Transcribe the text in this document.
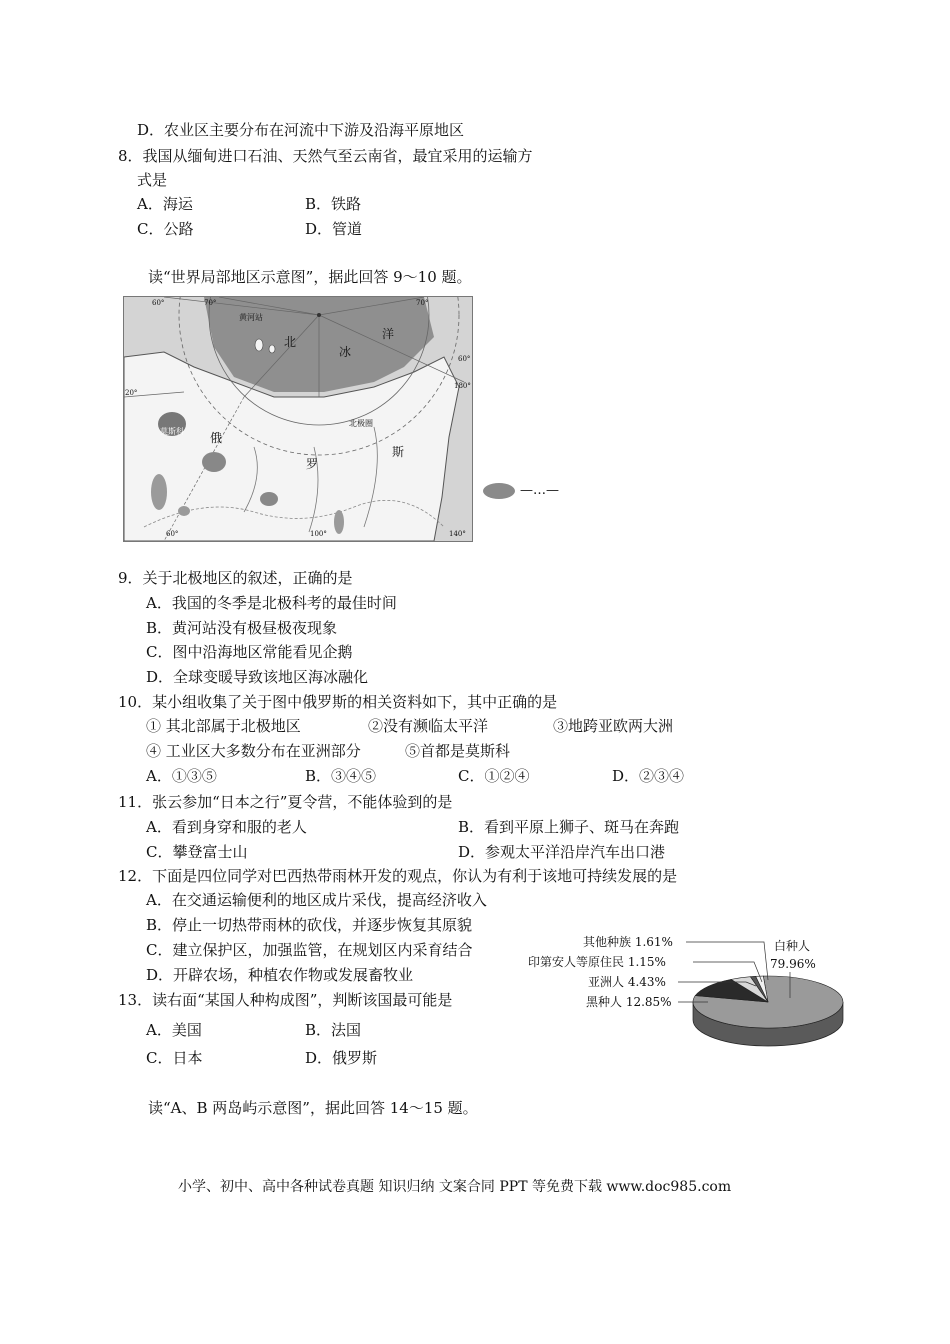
D．农业区主要分布在河流中下游及沿海平原地区
8．我国从缅甸进口石油、天然气至云南省，最宜采用的运输方
式是
A．海运	B．铁路
C．公路	D．管道
读“世界局部地区示意图”，据此回答 9～10 题。
黄河站
北
冰
洋
莫斯科 俄
罗
斯
北极圈
60°	70°	70°
60°
180°
20°
60°	100°	140°
—…—
9．关于北极地区的叙述，正确的是
A．我国的冬季是北极科考的最佳时间
B．黄河站没有极昼极夜现象
C．图中沿海地区常能看见企鹅
D．全球变暖导致该地区海冰融化
10．某小组收集了关于图中俄罗斯的相关资料如下，其中正确的是
① 其北部属于北极地区	②没有濒临太平洋	③地跨亚欧两大洲
④ 工业区大多数分布在亚洲部分	⑤首都是莫斯科
A．①③⑤	B．③④⑤	C．①②④	D．②③④
11．张云参加“日本之行”夏令营，不能体验到的是
A．看到身穿和服的老人	B．看到平原上狮子、斑马在奔跑
C．攀登富士山	D．参观太平洋沿岸汽车出口港
12．下面是四位同学对巴西热带雨林开发的观点，你认为有利于该地可持续发展的是
A．在交通运输便利的地区成片采伐，提高经济收入
B．停止一切热带雨林的砍伐，并逐步恢复其原貌
C．建立保护区，加强监管，在规划区内采育结合
D．开辟农场，种植农作物或发展畜牧业
13．读右面“某国人种构成图”，判断该国最可能是
A．美国	B．法国
C．日本	D．俄罗斯
其他种族 1.61%
印第安人等原住民 1.15%
亚洲人 4.43%
黑种人 12.85%
白种人
79.96%
读“A、B 两岛屿示意图”，据此回答 14～15 题。
小学、初中、高中各种试卷真题 知识归纳 文案合同 PPT 等免费下载 www.doc985.com
